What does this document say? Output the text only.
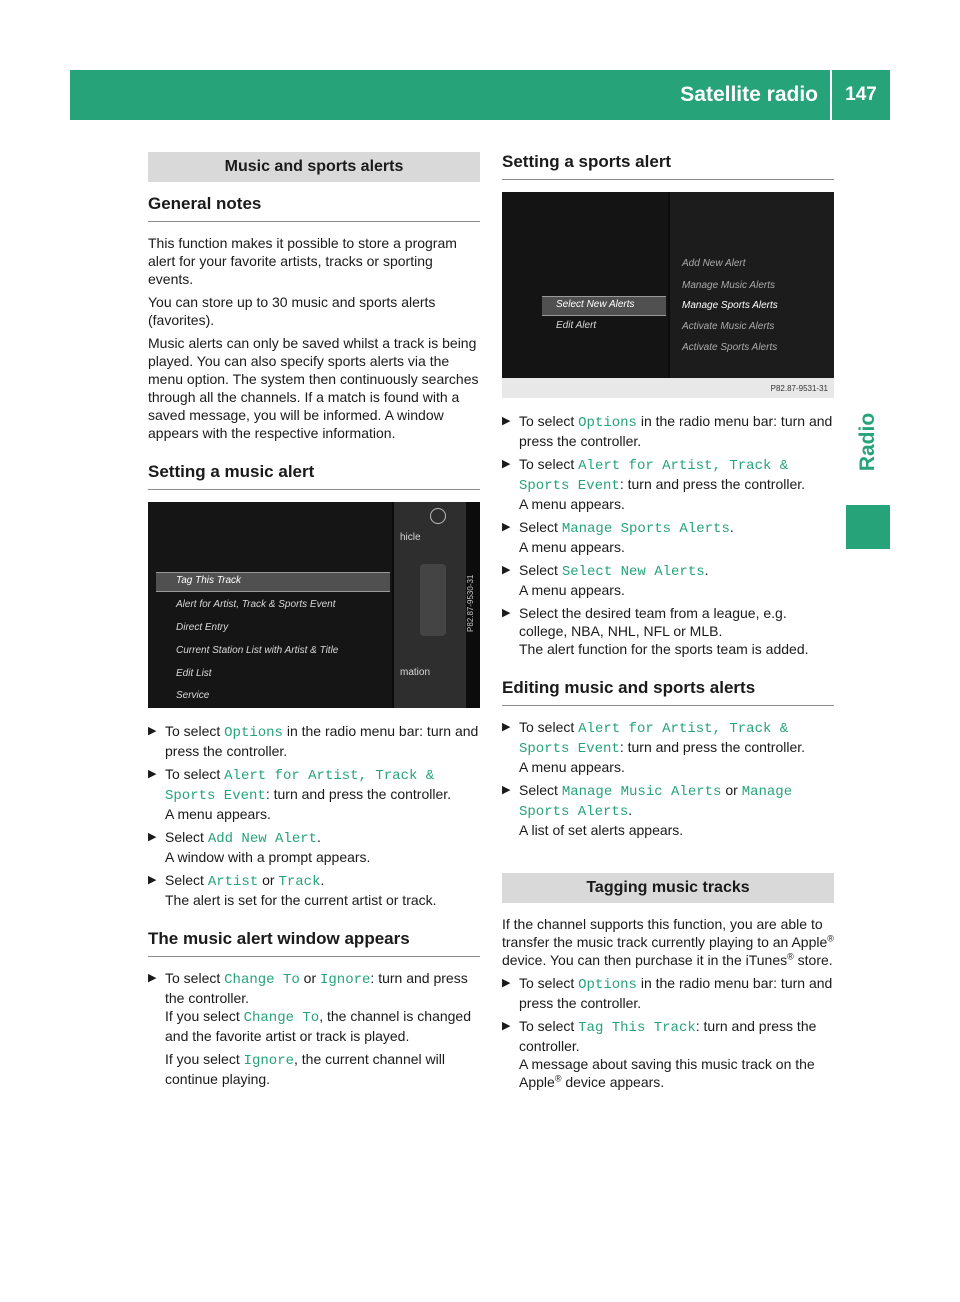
Satellite radio	147
Radio
Music and sports alerts
General notes

This function makes it possible to store a program alert for your favorite artists, tracks or sporting events.

You can store up to 30 music and sports alerts (favorites).

Music alerts can only be saved whilst a track is being played. You can also specify sports alerts via the menu option. The system then continuously searches through all the channels. If a match is found with a saved message, you will be informed. A window appears with the respective information.

Setting a music alert
Tag This Track
Alert for Artist, Track & Sports Event
Direct Entry
Current Station List with Artist & Title
Edit List
Service
hicle
mation
P82.87-9530-31
▶ To select Options in the radio menu bar: turn and press the controller.
▶ To select Alert for Artist, Track & Sports Event: turn and press the controller.
A menu appears.
▶ Select Add New Alert.
A window with a prompt appears.
▶ Select Artist or Track.
The alert is set for the current artist or track.
The music alert window appears
▶ To select Change To or Ignore: turn and press the controller.
If you select Change To, the channel is changed and the favorite artist or track is played.
If you select Ignore, the current channel will continue playing.
Setting a sports alert
Select New Alerts
Edit Alert
Add New Alert
Manage Music Alerts
Manage Sports Alerts
Activate Music Alerts
Activate Sports Alerts
P82.87-9531-31
▶ To select Options in the radio menu bar: turn and press the controller.
▶ To select Alert for Artist, Track & Sports Event: turn and press the controller.
A menu appears.
▶ Select Manage Sports Alerts.
A menu appears.
▶ Select Select New Alerts.
A menu appears.
▶ Select the desired team from a league, e.g. college, NBA, NHL, NFL or MLB.
The alert function for the sports team is added.
Editing music and sports alerts
▶ To select Alert for Artist, Track & Sports Event: turn and press the controller.
A menu appears.
▶ Select Manage Music Alerts or Manage Sports Alerts.
A list of set alerts appears.
Tagging music tracks

If the channel supports this function, you are able to transfer the music track currently playing to an Apple® device. You can then purchase it in the iTunes® store.

▶ To select Options in the radio menu bar: turn and press the controller.
▶ To select Tag This Track: turn and press the controller.
A message about saving this music track on the Apple® device appears.
